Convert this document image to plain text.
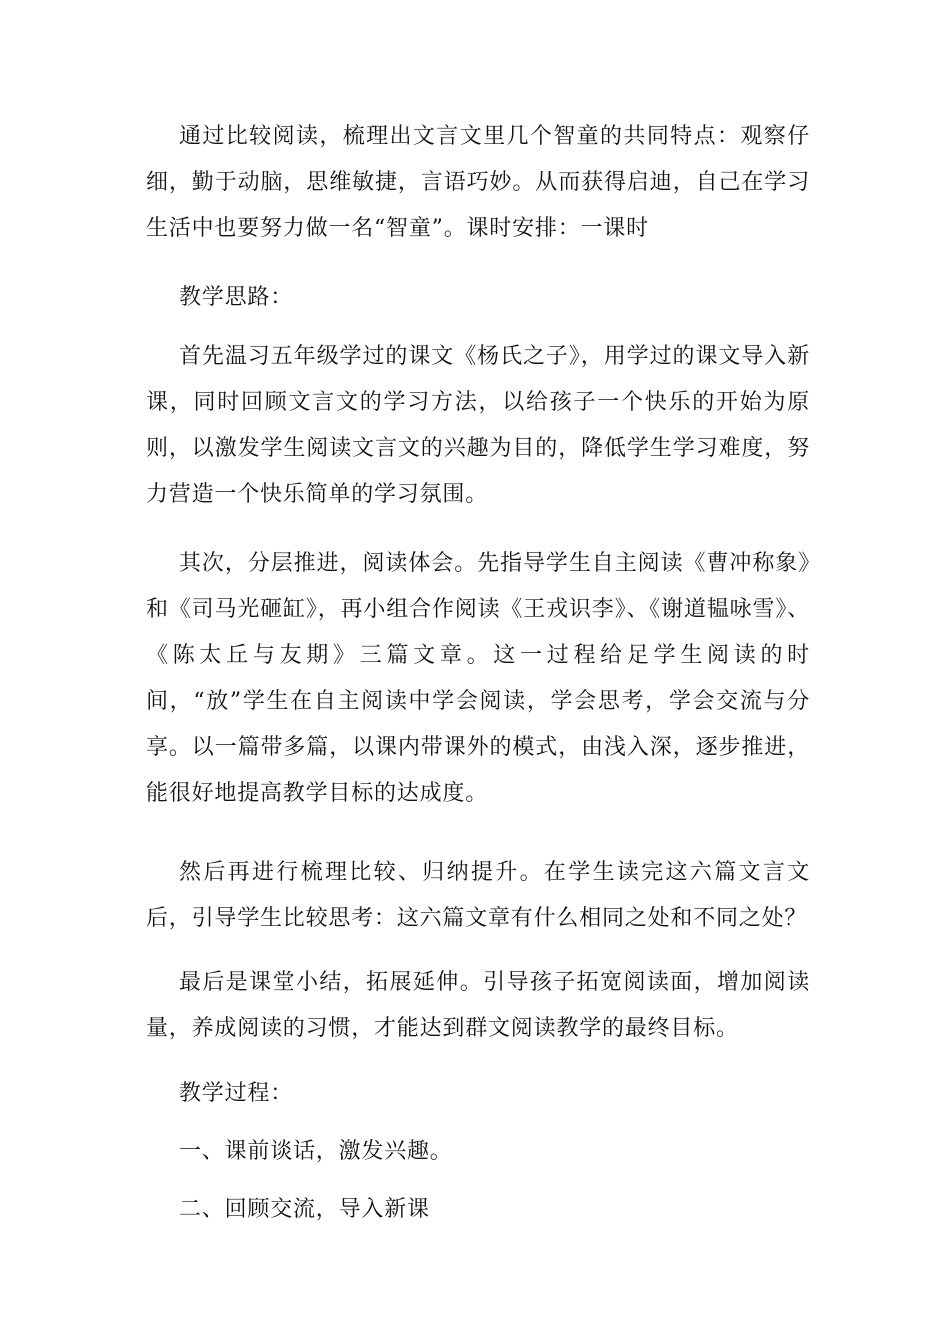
通过比较阅读，梳理出文言文里几个智童的共同特点：观察仔细，勤于动脑，思维敏捷，言语巧妙。从而获得启迪，自己在学习生活中也要努力做一名“智童”。课时安排：一课时

教学思路：

首先温习五年级学过的课文《杨氏之子》，用学过的课文导入新课，同时回顾文言文的学习方法，以给孩子一个快乐的开始为原则，以激发学生阅读文言文的兴趣为目的，降低学生学习难度，努力营造一个快乐简单的学习氛围。

其次，分层推进，阅读体会。先指导学生自主阅读《曹冲称象》和《司马光砸缸》，再小组合作阅读《王戎识李》、《谢道韫咏雪》、《陈太丘与友期》三篇文章。这一过程给足学生阅读的时间，“放”学生在自主阅读中学会阅读，学会思考，学会交流与分享。以一篇带多篇，以课内带课外的模式，由浅入深，逐步推进，能很好地提高教学目标的达成度。

然后再进行梳理比较、归纳提升。在学生读完这六篇文言文后，引导学生比较思考：这六篇文章有什么相同之处和不同之处？

最后是课堂小结，拓展延伸。引导孩子拓宽阅读面，增加阅读量，养成阅读的习惯，才能达到群文阅读教学的最终目标。

教学过程：

一、课前谈话，激发兴趣。

二、回顾交流，导入新课
